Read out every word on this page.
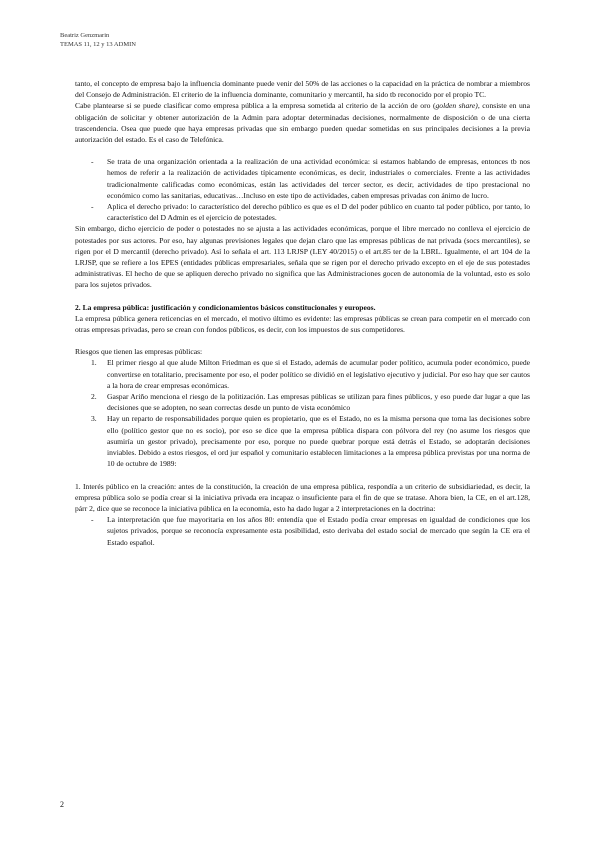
Beatriz Genzmarin
TEMAS 11, 12 y 13 ADMIN

tanto, el concepto de empresa bajo la influencia dominante puede venir del 50% de las acciones o la capacidad en la práctica de nombrar a miembros del Consejo de Administración. El criterio de la influencia dominante, comunitario y mercantil, ha sido tb reconocido por el propio TC.

Cabe plantearse si se puede clasificar como empresa pública a la empresa sometida al criterio de la acción de oro (golden share), consiste en una obligación de solicitar y obtener autorización de la Admin para adoptar determinadas decisiones, normalmente de disposición o de una cierta trascendencia. Osea que puede que haya empresas privadas que sin embargo pueden quedar sometidas en sus principales decisiones a la previa autorización del estado. Es el caso de Telefónica.

- Se trata de una organización orientada a la realización de una actividad económica: si estamos hablando de empresas, entonces tb nos hemos de referir a la realización de actividades típicamente económicas, es decir, industriales o comerciales. Frente a las actividades tradicionalmente calificadas como económicas, están las actividades del tercer sector, es decir, actividades de tipo prestacional no económico como las sanitarias, educativas…Incluso en este tipo de actividades, caben empresas privadas con ánimo de lucro.
- Aplica el derecho privado: lo característico del derecho público es que es el D del poder público en cuanto tal poder público, por tanto, lo característico del D Admin es el ejercicio de potestades.

Sin embargo, dicho ejercicio de poder o potestades no se ajusta a las actividades económicas, porque el libre mercado no conlleva el ejercicio de potestades por sus actores. Por eso, hay algunas previsiones legales que dejan claro que las empresas públicas de nat privada (socs mercantiles), se rigen por el D mercantil (derecho privado). Así lo señala el art. 113 LRJSP (LEY 40/2015) o el art.85 ter de la LBRL. Igualmente, el art 104 de la LRJSP, que se refiere a los EPES (entidades públicas empresariales, señala que se rigen por el derecho privado excepto en el eje de sus potestades administrativas. El hecho de que se apliquen derecho privado no significa que las Administraciones gocen de autonomía de la voluntad, esto es solo para los sujetos privados.

2. La empresa pública: justificación y condicionamientos básicos constitucionales y europeos.

La empresa pública genera reticencias en el mercado, el motivo último es evidente: las empresas públicas se crean para competir en el mercado con otras empresas privadas, pero se crean con fondos públicos, es decir, con los impuestos de sus competidores.

Riesgos que tienen las empresas públicas:

1. El primer riesgo al que alude Milton Friedman es que si el Estado, además de acumular poder político, acumula poder económico, puede convertirse en totalitario, precisamente por eso, el poder político se dividió en el legislativo ejecutivo y judicial. Por eso hay que ser cautos a la hora de crear empresas económicas.
2. Gaspar Ariño menciona el riesgo de la politización. Las empresas públicas se utilizan para fines públicos, y eso puede dar lugar a que las decisiones que se adopten, no sean correctas desde un punto de vista económico
3. Hay un reparto de responsabilidades porque quien es propietario, que es el Estado, no es la misma persona que toma las decisiones sobre ello (político gestor que no es socio), por eso se dice que la empresa pública dispara con pólvora del rey (no asume los riesgos que asumiría un gestor privado), precisamente por eso, porque no puede quebrar porque está detrás el Estado, se adoptarán decisiones inviables. Debido a estos riesgos, el ord jur español y comunitario establecen limitaciones a la empresa pública previstas por una norma de 10 de octubre de 1989:

1. Interés público en la creación: antes de la constitución, la creación de una empresa pública, respondía a un criterio de subsidiariedad, es decir, la empresa pública solo se podía crear si la iniciativa privada era incapaz o insuficiente para el fin de que se tratase. Ahora bien, la CE, en el art.128, párr 2, dice que se reconoce la iniciativa pública en la economía, esto ha dado lugar a 2 interpretaciones en la doctrina:

- La interpretación que fue mayoritaria en los años 80: entendía que el Estado podía crear empresas en igualdad de condiciones que los sujetos privados, porque se reconocía expresamente esta posibilidad, esto derivaba del estado social de mercado que según la CE era el Estado español.
2
